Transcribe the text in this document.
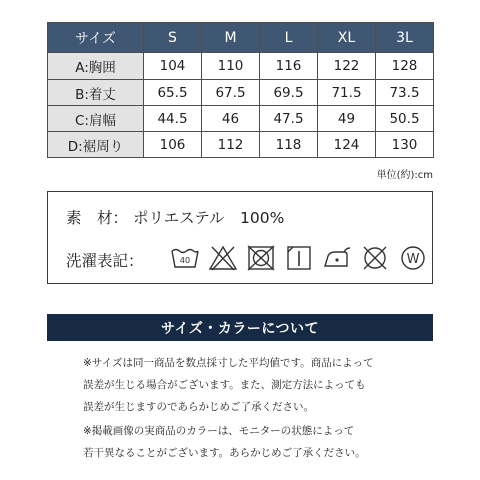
サイズ	S	M	L	XL	3L
A:胸囲	104	110	116	122	128
B:着丈	65.5	67.5	69.5	71.5	73.5
C:肩幅	44.5	46	47.5	49	50.5
D:裾周り	106	112	118	124	130
単位(約):cm
素　材： ポリエステル　100%
洗濯表記：	40	W
サイズ・カラーについて
※サイズは同一商品を数点採寸した平均値です。商品によって
誤差が生じる場合がございます。また、測定方法によっても
誤差が生じますのであらかじめご了承ください。
※掲載画像の実商品のカラーは、モニターの状態によって
若干異なることがございます。あらかじめご了承ください。
